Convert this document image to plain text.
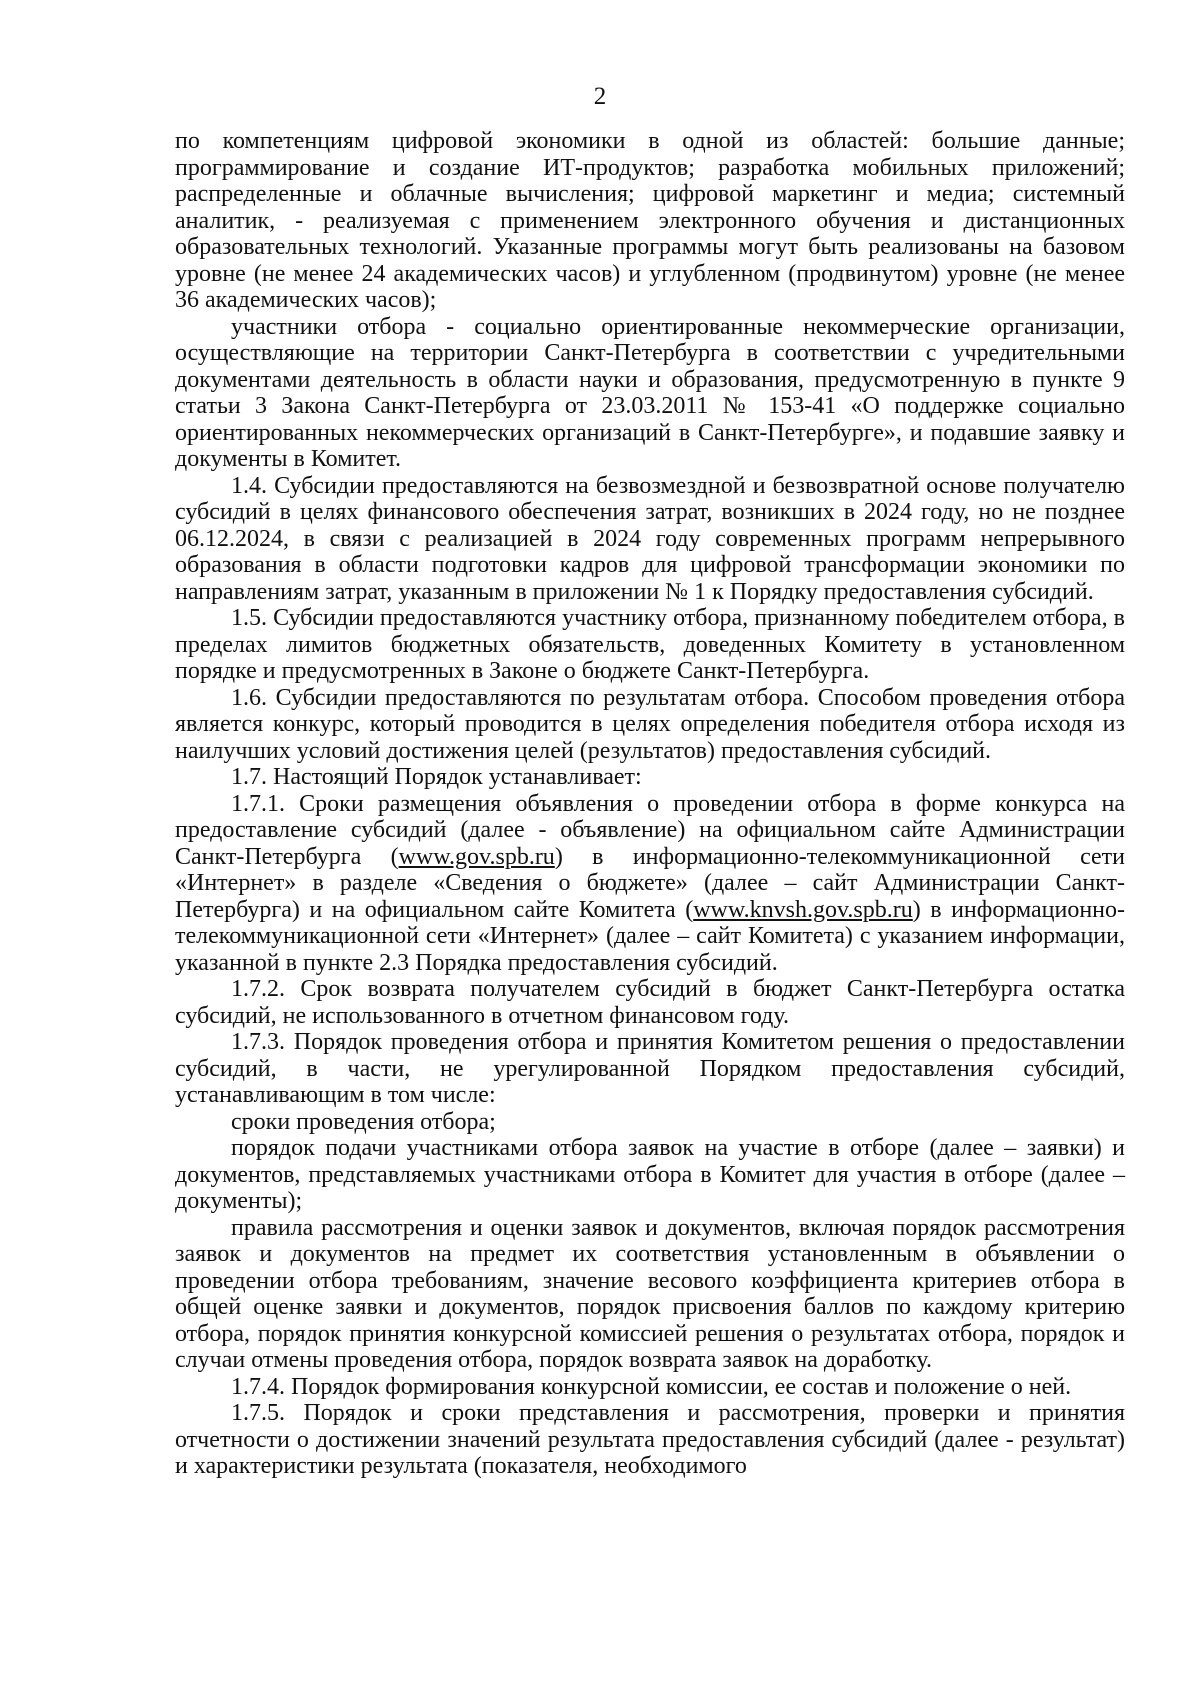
2

по компетенциям цифровой экономики в одной из областей: большие данные; программирование и создание ИТ-продуктов; разработка мобильных приложений; распределенные и облачные вычисления; цифровой маркетинг и медиа; системный аналитик, - реализуемая с применением электронного обучения и дистанционных образовательных технологий. Указанные программы могут быть реализованы на базовом уровне (не менее 24 академических часов) и углубленном (продвинутом) уровне (не менее 36 академических часов);

участники отбора - социально ориентированные некоммерческие организации, осуществляющие на территории Санкт-Петербурга в соответствии с учредительными документами деятельность в области науки и образования, предусмотренную в пункте 9 статьи 3 Закона Санкт-Петербурга от 23.03.2011 № 153-41 «О поддержке социально ориентированных некоммерческих организаций в Санкт-Петербурге», и подавшие заявку и документы в Комитет.

1.4. Субсидии предоставляются на безвозмездной и безвозвратной основе получателю субсидий в целях финансового обеспечения затрат, возникших в 2024 году, но не позднее 06.12.2024, в связи с реализацией в 2024 году современных программ непрерывного образования в области подготовки кадров для цифровой трансформации экономики по направлениям затрат, указанным в приложении № 1 к Порядку предоставления субсидий.

1.5. Субсидии предоставляются участнику отбора, признанному победителем отбора, в пределах лимитов бюджетных обязательств, доведенных Комитету в установленном порядке и предусмотренных в Законе о бюджете Санкт-Петербурга.

1.6. Субсидии предоставляются по результатам отбора. Способом проведения отбора является конкурс, который проводится в целях определения победителя отбора исходя из наилучших условий достижения целей (результатов) предоставления субсидий.

1.7. Настоящий Порядок устанавливает:

1.7.1. Сроки размещения объявления о проведении отбора в форме конкурса на предоставление субсидий (далее - объявление) на официальном сайте Администрации Санкт-Петербурга (www.gov.spb.ru) в информационно-телекоммуникационной сети «Интернет» в разделе «Сведения о бюджете» (далее – сайт Администрации Санкт-Петербурга) и на официальном сайте Комитета (www.knvsh.gov.spb.ru) в информационно-телекоммуникационной сети «Интернет» (далее – сайт Комитета) с указанием информации, указанной в пункте 2.3 Порядка предоставления субсидий.

1.7.2. Срок возврата получателем субсидий в бюджет Санкт-Петербурга остатка субсидий, не использованного в отчетном финансовом году.

1.7.3. Порядок проведения отбора и принятия Комитетом решения о предоставлении субсидий, в части, не урегулированной Порядком предоставления субсидий, устанавливающим в том числе:

сроки проведения отбора;

порядок подачи участниками отбора заявок на участие в отборе (далее – заявки) и документов, представляемых участниками отбора в Комитет для участия в отборе (далее – документы);

правила рассмотрения и оценки заявок и документов, включая порядок рассмотрения заявок и документов на предмет их соответствия установленным в объявлении о проведении отбора требованиям, значение весового коэффициента критериев отбора в общей оценке заявки и документов, порядок присвоения баллов по каждому критерию отбора, порядок принятия конкурсной комиссией решения о результатах отбора, порядок и случаи отмены проведения отбора, порядок возврата заявок на доработку.

1.7.4. Порядок формирования конкурсной комиссии, ее состав и положение о ней.

1.7.5. Порядок и сроки представления и рассмотрения, проверки и принятия отчетности о достижении значений результата предоставления субсидий (далее - результат) и характеристики результата (показателя, необходимого
